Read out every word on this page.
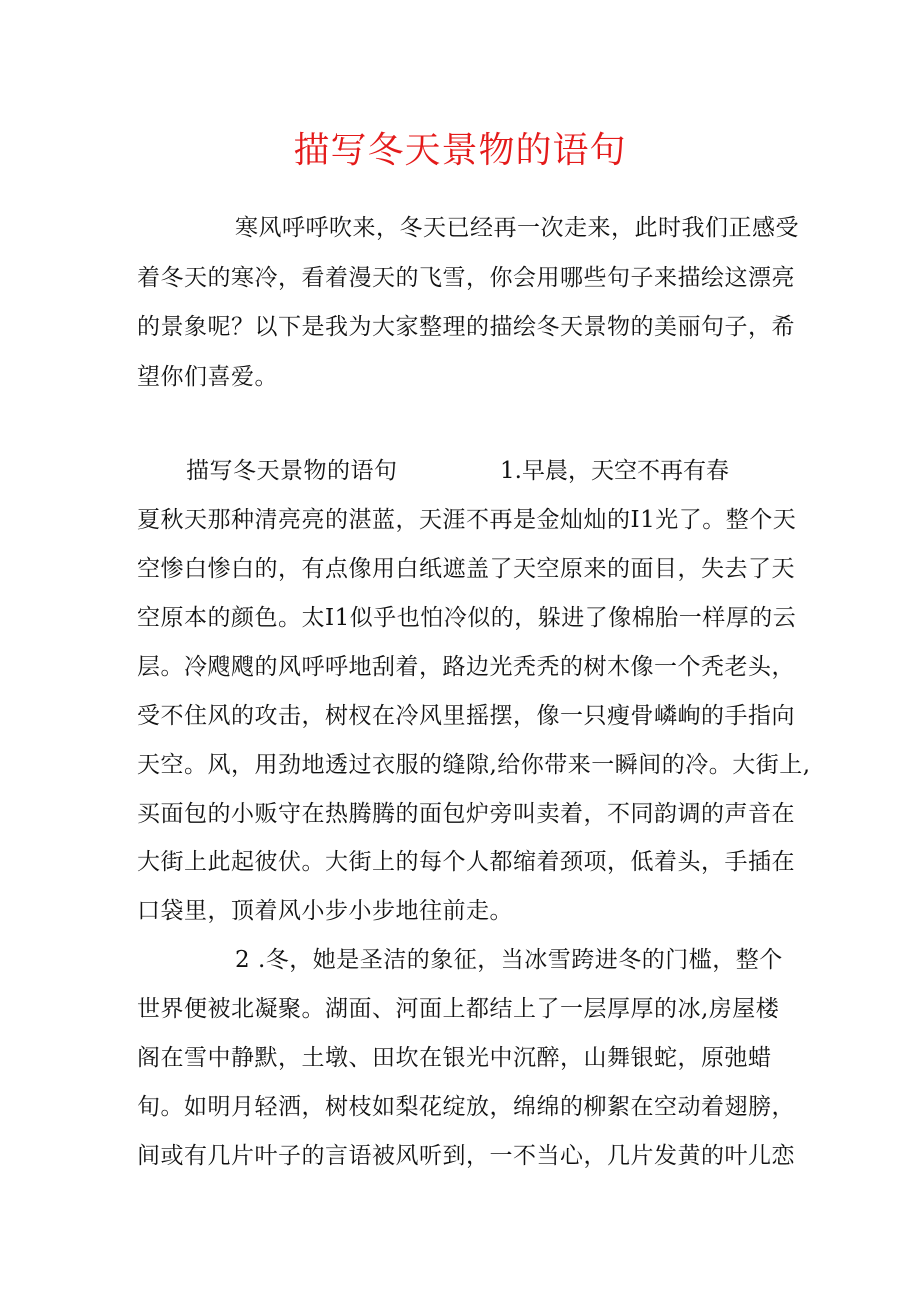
描写冬天景物的语句
寒风呼呼吹来，冬天已经再一次走来，此时我们正感受
着冬天的寒冷，看着漫天的飞雪，你会用哪些句子来描绘这漂亮
的景象呢？以下是我为大家整理的描绘冬天景物的美丽句子，希
望你们喜爱。
描写冬天景物的语句	1.早晨，天空不再有春
夏秋天那种清亮亮的湛蓝，天涯不再是金灿灿的I1光了。整个天
空惨白惨白的，有点像用白纸遮盖了天空原来的面目，失去了天
空原本的颜色。太I1似乎也怕冷似的，躲进了像棉胎一样厚的云
层。冷飕飕的风呼呼地刮着，路边光秃秃的树木像一个秃老头，
受不住风的攻击，树杈在冷风里摇摆，像一只瘦骨嶙峋的手指向
天空。风，用劲地透过衣服的缝隙,给你带来一瞬间的冷。大街上,
买面包的小贩守在热腾腾的面包炉旁叫卖着，不同韵调的声音在
大街上此起彼伏。大街上的每个人都缩着颈项，低着头，手插在
口袋里，顶着风小步小步地往前走。
2 .冬，她是圣洁的象征，当冰雪跨进冬的门槛，整个
世界便被北凝聚。湖面、河面上都结上了一层厚厚的冰,房屋楼
阁在雪中静默，土墩、田坎在银光中沉醉，山舞银蛇，原弛蜡
旬。如明月轻洒，树枝如梨花绽放，绵绵的柳絮在空动着翅膀，
间或有几片叶子的言语被风听到，一不当心，几片发黄的叶儿恋
